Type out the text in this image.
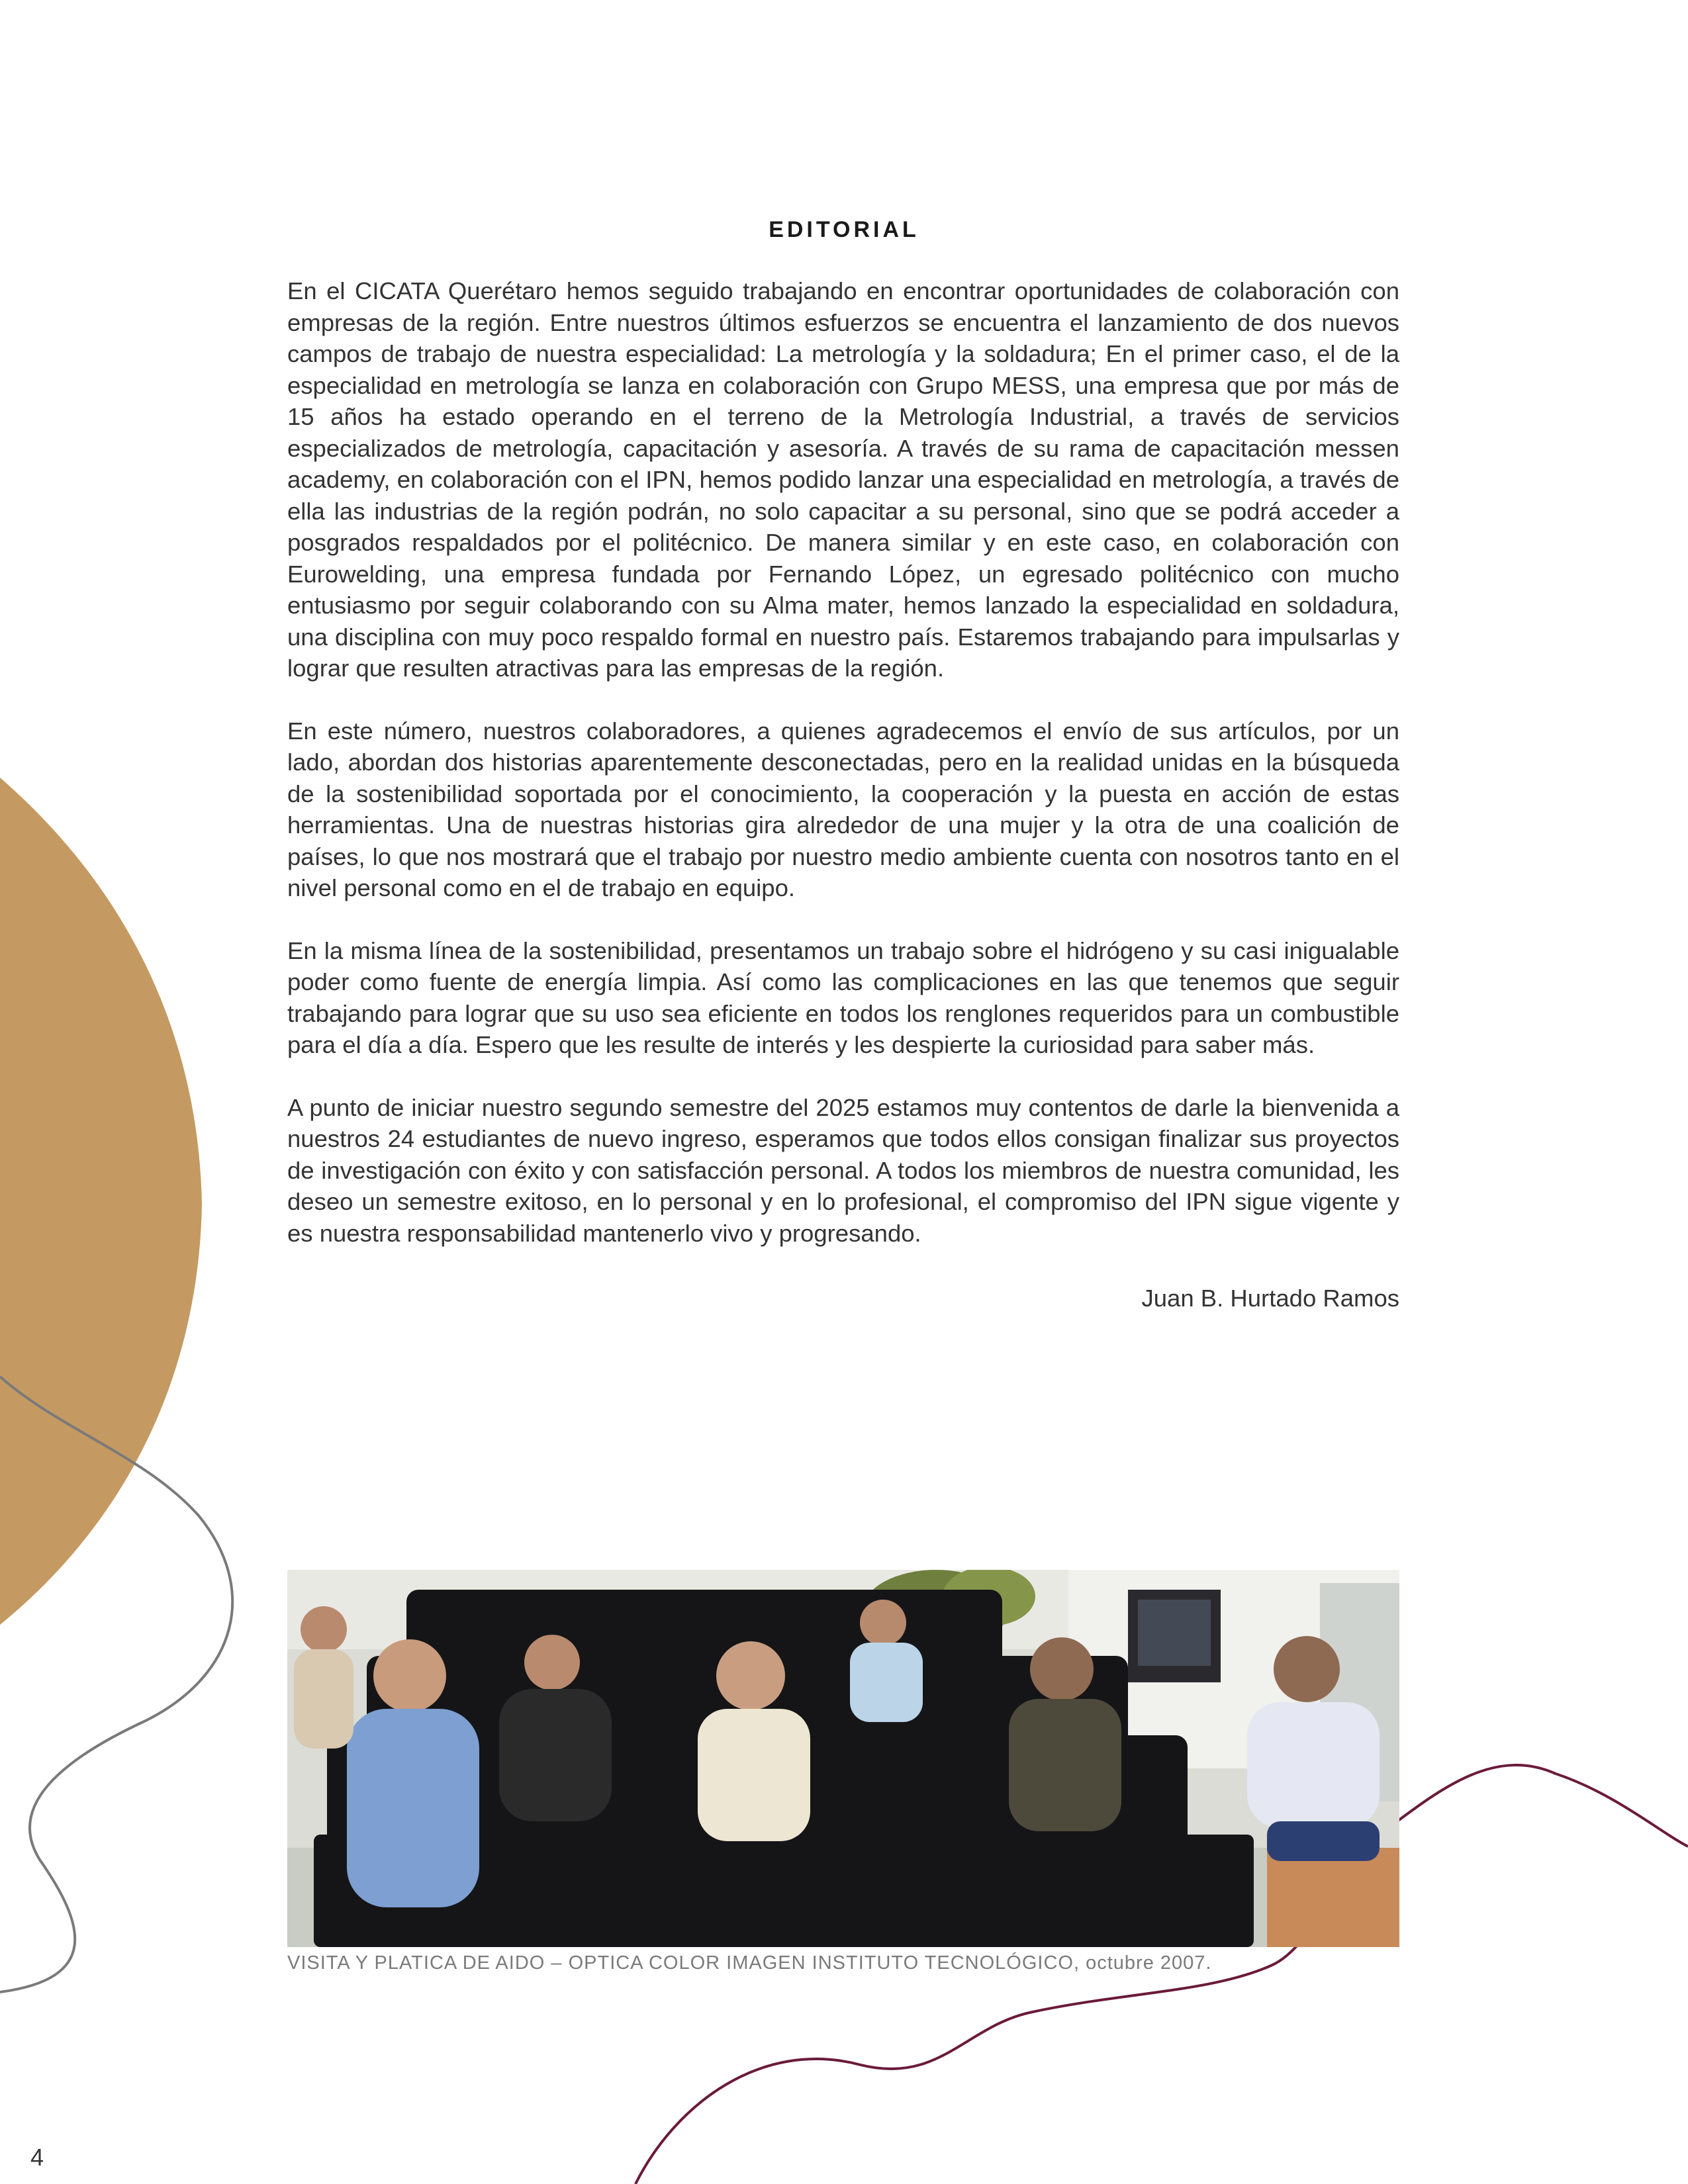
EDITORIAL

En el CICATA Querétaro hemos seguido trabajando en encontrar oportunidades de colaboración con empresas de la región. Entre nuestros últimos esfuerzos se encuentra el lanzamiento de dos nuevos campos de trabajo de nuestra especialidad: La metrología y la soldadura; En el primer caso, el de la especialidad en metrología se lanza en colaboración con Grupo MESS, una empresa que por más de 15 años ha estado operando en el terreno de la Metrología Industrial, a través de servicios especializados de metrología, capacitación y asesoría. A través de su rama de capacitación messen academy, en colaboración con el IPN, hemos podido lanzar una especialidad en metrología, a través de ella las industrias de la región podrán, no solo capacitar a su personal, sino que se podrá acceder a posgrados respaldados por el politécnico. De manera similar y en este caso, en colaboración con Eurowelding, una empresa fundada por Fernando López, un egresado politécnico con mucho entusiasmo por seguir colaborando con su Alma mater, hemos lanzado la especialidad en soldadura, una disciplina con muy poco respaldo formal en nuestro país. Estaremos trabajando para impulsarlas y lograr que resulten atractivas para las empresas de la región.

En este número, nuestros colaboradores, a quienes agradecemos el envío de sus artículos, por un lado, abordan dos historias aparentemente desconectadas, pero en la realidad unidas en la búsqueda de la sostenibilidad soportada por el conocimiento, la cooperación y la puesta en acción de estas herramientas. Una de nuestras historias gira alrededor de una mujer y la otra de una coalición de países, lo que nos mostrará que el trabajo por nuestro medio ambiente cuenta con nosotros tanto en el nivel personal como en el de trabajo en equipo.

En la misma línea de la sostenibilidad, presentamos un trabajo sobre el hidrógeno y su casi inigualable poder como fuente de energía limpia. Así como las complicaciones en las que tenemos que seguir trabajando para lograr que su uso sea eficiente en todos los renglones requeridos para un combustible para el día a día. Espero que les resulte de interés y les despierte la curiosidad para saber más.

A punto de iniciar nuestro segundo semestre del 2025 estamos muy contentos de darle la bienvenida a nuestros 24 estudiantes de nuevo ingreso, esperamos que todos ellos consigan finalizar sus proyectos de investigación con éxito y con satisfacción personal. A todos los miembros de nuestra comunidad, les deseo un semestre exitoso, en lo personal y en lo profesional, el compromiso del IPN sigue vigente y es nuestra responsabilidad mantenerlo vivo y progresando.

Juan B. Hurtado Ramos
VISITA Y PLATICA DE AIDO – OPTICA COLOR IMAGEN INSTITUTO TECNOLÓGICO, octubre 2007.
4
